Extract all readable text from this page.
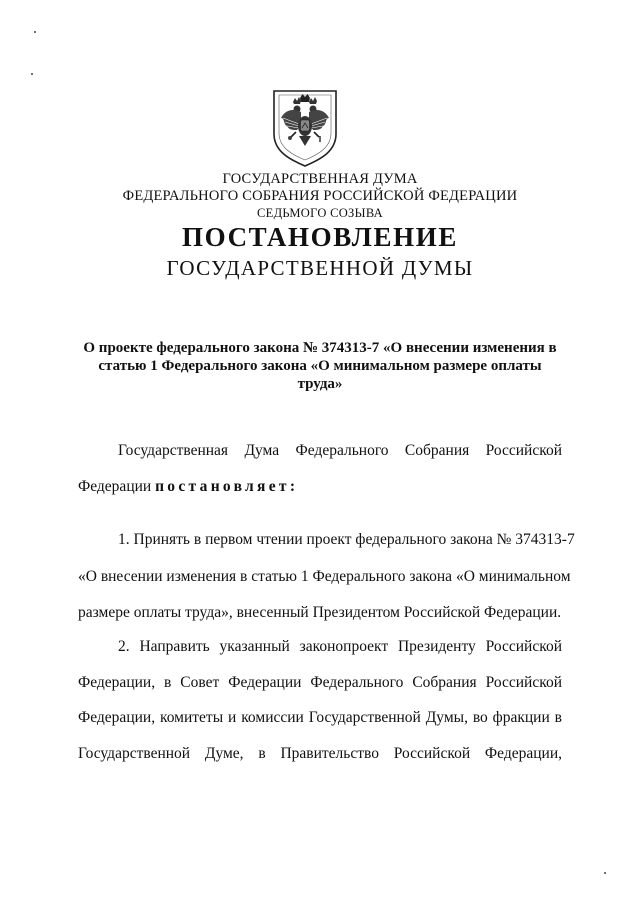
ГОСУДАРСТВЕННАЯ ДУМА
ФЕДЕРАЛЬНОГО СОБРАНИЯ РОССИЙСКОЙ ФЕДЕРАЦИИ
СЕДЬМОГО СОЗЫВА
ПОСТАНОВЛЕНИЕ
ГОСУДАРСТВЕННОЙ ДУМЫ
О проекте федерального закона № 374313-7 «О внесении изменения в
статью 1 Федерального закона «О минимальном размере оплаты
труда»
Государственная Дума Федерального Собрания Российской
Федерации постановляет:
1. Принять в первом чтении проект федерального закона № 374313-7
«О внесении изменения в статью 1 Федерального закона «О минимальном
размере оплаты труда», внесенный Президентом Российской Федерации.
2. Направить указанный законопроект Президенту Российской
Федерации, в Совет Федерации Федерального Собрания Российской
Федерации, комитеты и комиссии Государственной Думы, во фракции в
Государственной Думе, в Правительство Российской Федерации,
